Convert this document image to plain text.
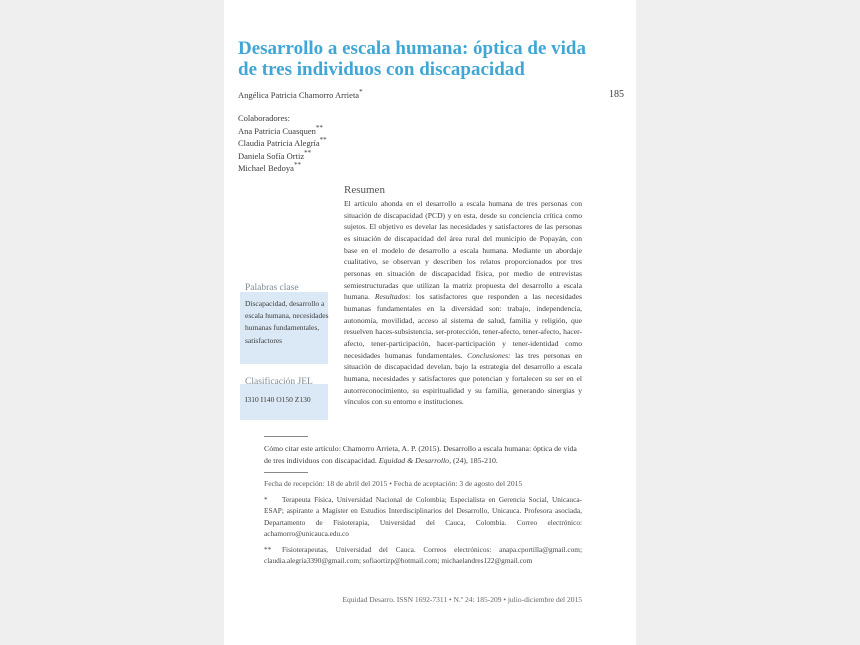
Desarrollo a escala humana: óptica de vida
de tres individuos con discapacidad
Angélica Patricia Chamorro Arrieta*	185
Colaboradores:
Ana Patricia Cuasquen**
Claudia Patricia Alegría**
Daniela Sofía Ortiz**
Michael Bedoya**
Palabras clase
Discapacidad, desarrollo a escala humana, necesidades humanas fundamentales, satisfactores
Clasificación JEL
I310 I140 O150 Z130
Resumen
El artículo ahonda en el desarrollo a escala humana de tres personas con situación de discapacidad (PCD) y en esta, desde su conciencia crítica como sujetos. El objetivo es develar las necesidades y satisfactores de las personas es situación de discapacidad del área rural del municipio de Popayán, con base en el modelo de desarrollo a escala humana. Mediante un abordaje cualitativo, se observan y describen los relatos proporcionados por tres personas en situación de discapacidad física, por medio de entrevistas semiestructuradas que utilizan la matriz propuesta del desarrollo a escala humana. Resultados: los satisfactores que responden a las necesidades humanas fundamentales en la diversidad son: trabajo, independencia, autonomía, movilidad, acceso al sistema de salud, familia y religión, que resuelven haces-subsistencia, ser-protección, tener-afecto, tener-afecto, hacer-afecto, tener-participación, hacer-participación y tener-identidad como necesidades humanas fundamentales. Conclusiones: las tres personas en situación de discapacidad develan, bajo la estrategia del desarrollo a escala humana, necesidades y satisfactores que potencian y fortalecen su ser en el autorreconocimiento, su espiritualidad y su familia, generando sinergias y vínculos con su entorno e instituciones.
Cómo citar este artículo: Chamorro Arrieta, A. P. (2015). Desarrollo a escala humana: óptica de vida de tres individuos con discapacidad. Equidad & Desarrollo, (24), 185-210.
Fecha de recepción: 18 de abril del 2015 • Fecha de aceptación: 3 de agosto del 2015
* Terapeuta Física, Universidad Nacional de Colombia; Especialista en Gerencia Social, Unicauca-ESAP; aspirante a Magíster en Estudios Interdisciplinarios del Desarrollo, Unicauca. Profesora asociada, Departamento de Fisioterapia, Universidad del Cauca, Colombia. Correo electrónico: achamorro@unicauca.edu.co
** Fisioterapeutas, Universidad del Cauca. Correos electrónicos: anapa.cportilla@gmail.com; claudia.alegria3390@gmail.com; sofiaortizp@hotmail.com; michaelandres122@gmail.com
Equidad Desarro. ISSN 1692-7311 • N.º 24: 185-209 • julio-diciembre del 2015
